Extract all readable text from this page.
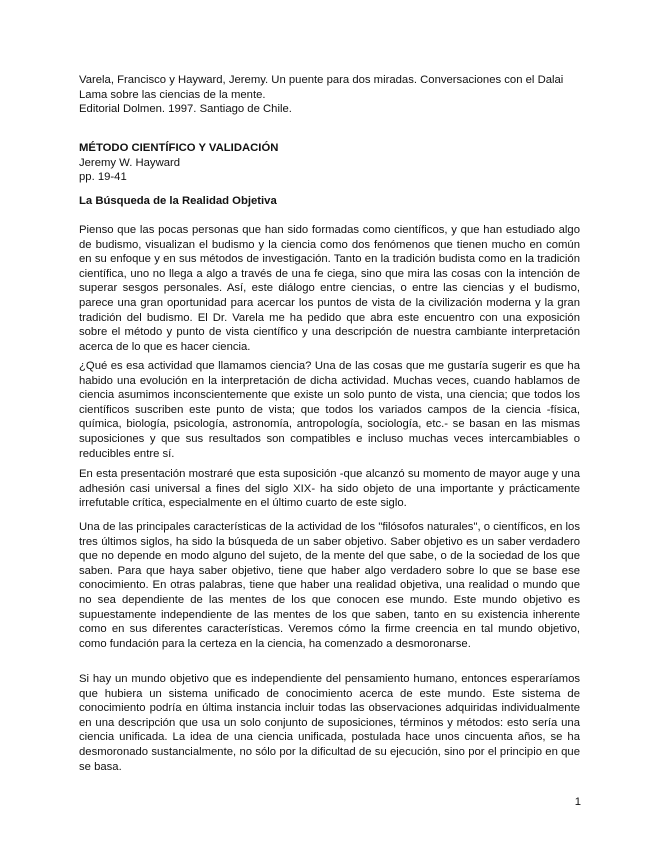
Varela, Francisco y Hayward, Jeremy. Un puente para dos miradas. Conversaciones con el Dalai Lama sobre las ciencias de la mente.

Editorial Dolmen. 1997. Santiago de Chile.

MÉTODO CIENTÍFICO Y VALIDACIÓN

Jeremy W. Hayward

pp. 19-41

La Búsqueda de la Realidad Objetiva

Pienso que las pocas personas que han sido formadas como científicos, y que han estudiado algo de budismo, visualizan el budismo y la ciencia como dos fenómenos que tienen mucho en común en su enfoque y en sus métodos de investigación. Tanto en la tradición budista como en la tradición científica, uno no llega a algo a través de una fe ciega, sino que mira las cosas con la intención de superar sesgos personales. Así, este diálogo entre ciencias, o entre las ciencias y el budismo, parece una gran oportunidad para acercar los puntos de vista de la civilización moderna y la gran tradición del budismo. El Dr. Varela me ha pedido que abra este encuentro con una exposición sobre el método y punto de vista científico y una descripción de nuestra cambiante interpretación acerca de lo que es hacer ciencia.

¿Qué es esa actividad que llamamos ciencia? Una de las cosas que me gustaría sugerir es que ha habido una evolución en la interpretación de dicha actividad. Muchas veces, cuando hablamos de ciencia asumimos inconscientemente que existe un solo punto de vista, una ciencia; que todos los científicos suscriben este punto de vista; que todos los variados campos de la ciencia -física, química, biología, psicología, astronomía, antropología, sociología, etc.- se basan en las mismas suposiciones y que sus resultados son compatibles e incluso muchas veces intercambiables o reducibles entre sí.

En esta presentación mostraré que esta suposición -que alcanzó su momento de mayor auge y una adhesión casi universal a fines del siglo XIX- ha sido objeto de una importante y prácticamente irrefutable crítica, especialmente en el último cuarto de este siglo.

Una de las principales características de la actividad de los "filósofos naturales", o científicos, en los tres últimos siglos, ha sido la búsqueda de un saber objetivo. Saber objetivo es un saber verdadero que no depende en modo alguno del sujeto, de la mente del que sabe, o de la sociedad de los que saben. Para que haya saber objetivo, tiene que haber algo verdadero sobre lo que se base ese conocimiento. En otras palabras, tiene que haber una realidad objetiva, una realidad o mundo que no sea dependiente de las mentes de los que conocen ese mundo. Este mundo objetivo es supuestamente independiente de las mentes de los que saben, tanto en su existencia inherente como en sus diferentes características. Veremos cómo la firme creencia en tal mundo objetivo, como fundación para la certeza en la ciencia, ha comenzado a desmoronarse.

Si hay un mundo objetivo que es independiente del pensamiento humano, entonces esperaríamos que hubiera un sistema unificado de conocimiento acerca de este mundo. Este sistema de conocimiento podría en última instancia incluir todas las observaciones adquiridas individualmente en una descripción que usa un solo conjunto de suposiciones, términos y métodos: esto sería una ciencia unificada. La idea de una ciencia unificada, postulada hace unos cincuenta años, se ha desmoronado sustancialmente, no sólo por la dificultad de su ejecución, sino por el principio en que se basa.

1
